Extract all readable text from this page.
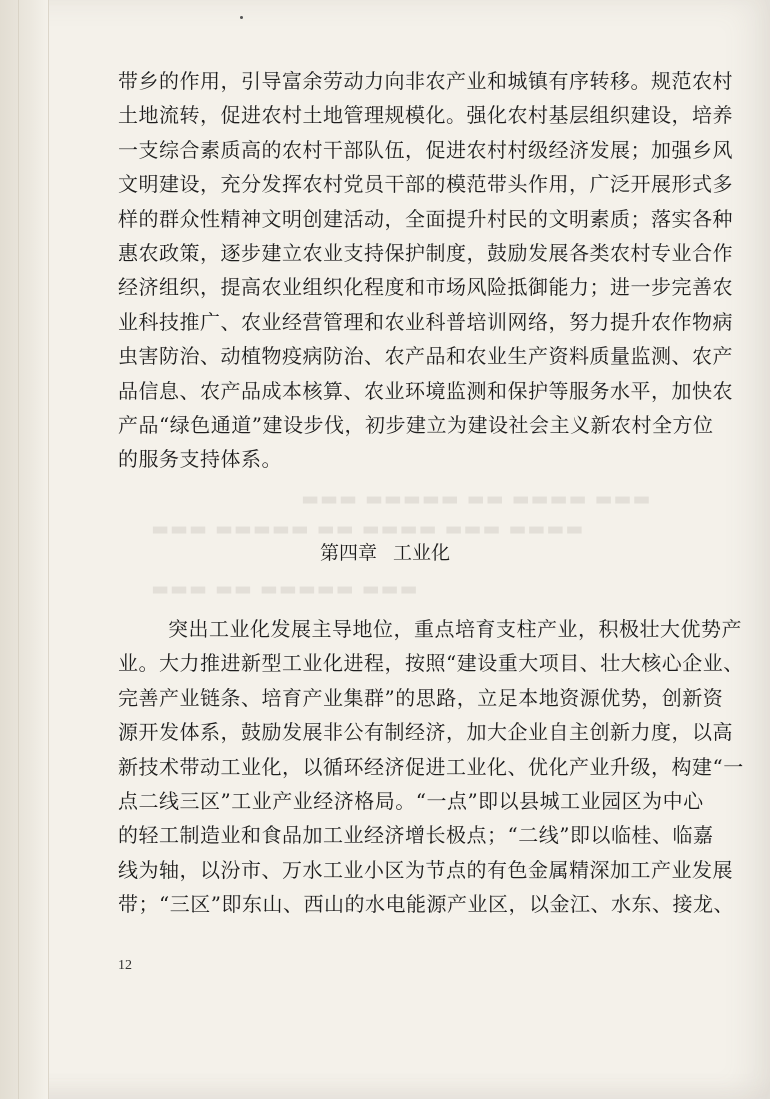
▬▬▬ ▬▬▬▬ ▬▬ ▬▬▬▬▬ ▬▬▬
▬▬▬▬ ▬▬▬ ▬▬▬▬ ▬▬ ▬▬▬▬▬ ▬▬▬
▬▬▬ ▬▬▬▬▬ ▬▬ ▬▬▬
带乡的作用，引导富余劳动力向非农产业和城镇有序转移。规范农村
土地流转，促进农村土地管理规模化。强化农村基层组织建设，培养
一支综合素质高的农村干部队伍，促进农村村级经济发展；加强乡风
文明建设，充分发挥农村党员干部的模范带头作用，广泛开展形式多
样的群众性精神文明创建活动，全面提升村民的文明素质；落实各种
惠农政策，逐步建立农业支持保护制度，鼓励发展各类农村专业合作
经济组织，提高农业组织化程度和市场风险抵御能力；进一步完善农
业科技推广、农业经营管理和农业科普培训网络，努力提升农作物病
虫害防治、动植物疫病防治、农产品和农业生产资料质量监测、农产
品信息、农产品成本核算、农业环境监测和保护等服务水平，加快农
产品“绿色通道”建设步伐，初步建立为建设社会主义新农村全方位
的服务支持体系。
第四章 工业化
突出工业化发展主导地位，重点培育支柱产业，积极壮大优势产
业。大力推进新型工业化进程，按照“建设重大项目、壮大核心企业、
完善产业链条、培育产业集群”的思路，立足本地资源优势，创新资
源开发体系，鼓励发展非公有制经济，加大企业自主创新力度，以高
新技术带动工业化，以循环经济促进工业化、优化产业升级，构建“一
点二线三区”工业产业经济格局。“一点”即以县城工业园区为中心
的轻工制造业和食品加工业经济增长极点；“二线”即以临桂、临嘉
线为轴，以汾市、万水工业小区为节点的有色金属精深加工产业发展
带；“三区”即东山、西山的水电能源产业区，以金江、水东、接龙、
12
